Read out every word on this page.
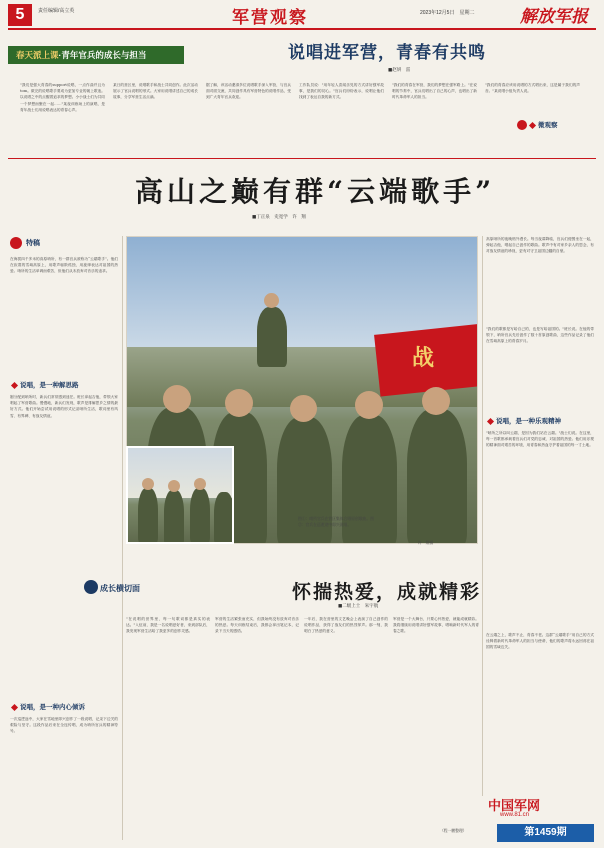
5	责任编辑/高立英	军营观察	2023年12月5日　星期二	解放军报
春天派上课·青年官兵的成长与担当	说唱进军营，青春有共鸣
■赵妍　雷
"我们是强大青春的support说唱，一点作曲并且为tom。做完的说唱歌手要成为更加专业的朝上歌迷。以说唱之中的点醒着追求的梦想。小小战士们为共同一个梦想而聚在一起……"某夜训练场上的演唱，是青年战士们用说唱表达的青春心声。
某日的营区里，说唱歌手和战士共同创作。此次活动展示了官兵说唱的形式。大家用说唱讲述自己的成长故事，分享军营生活点滴。
据了解，该活动邀请多位说唱歌手深入军营，与官兵面对面交流，共同创作具有军营特色的说唱作品，受到广大青年官兵欢迎。
工作队员说："用年轻人喜闻乐见的方式讲好强军故事，是我们的初心。"官兵们纷纷表示，说唱让他们找到了表达自我的新方式。
"我们的青春在军营，我们的梦想在强军路上。"在说唱的节奏中，官兵们唱出了自己的心声，也唱出了新时代革命军人的担当。
"我们的青春应该用说唱的方式唱出来，这是属于我们的声音。"某说唱小组负责人说。
微观察
高山之巅有群“云端歌手”
■丁正泉　史宽学　许　翔
特稿
在海拔四千多米的高原哨所，有一群官兵被称为“云端歌手”。他们在寂寞的雪域高原上，用歌声驱散孤独，用旋律表达对祖国的热爱。哨所的生活单调而艰苦，但他们从未放弃对音乐的追求。
说唱，是一种解思路
刚分配到哨所时，新兵们常常感到迷茫。班长拿起吉他，带领大家唱起了军营歌曲。慢慢地，新兵们发现，歌声是排解思乡之情的最好方式。他们开始尝试用说唱的形式记录哨所生活，歌词里有风雪、有界碑、有战友情谊。
说唱，是一种内心倾诉
一次巡逻途中，大家在雪地里即兴创作了一段说唱，记录下边关的艰险与坚守。这段作品后来在全连传唱，成为哨所官兵的精神符号。
战
图①：哨所官兵在营区集体合唱原创歌曲。图②：官兵在巡逻途中即兴说唱。
许　翔摄
高原哨所的夜晚格外漫长。每当夜幕降临，官兵们便围坐在一起，弹起吉他，唱起自己创作的歌曲。歌声中有对家乡亲人的思念，有对战友情谊的珍视，更有对守卫祖国边疆的自豪。
"我们的歌都是写给自己的，也是写给祖国的。"班长说。在他的带领下，哨所官兵先后创作了数十首原创歌曲，这些作品记录了他们在雪域高原上的青春岁月。
说唱，是一种乐观精神
"哨所之所以叫云端，是因为我们站在云端。"战士们说。在这里，每一首歌都承载着官兵们对党的忠诚、对祖国的热爱。他们用乐观的精神面对艰苦的环境，用青春和热血守护着祖国的每一寸土地。
在云端之上，歌声不止，青春不老。这群“云端歌手”用自己的方式诠释着新时代革命军人的担当与使命，他们的歌声将永远回荡在祖国的雪域边关。
成长横切面	怀揣热爱，成就精彩
■二级上士　朱宇航
"在说唱的世界里，每一句歌词都是真实的表达。"入伍前，我是一名说唱爱好者，来到部队后，我发现军营生活给了我更多的创作灵感。
军营的生活紧张而充实，但我始终没有放弃对音乐的热爱。每天训练结束后，我都会拿出笔记本，记录下当天的感悟。
一年后，我在营里的文艺晚会上表演了自己创作的说唱作品，获得了战友们的热烈掌声。那一刻，我明白了热爱的意义。
军营是一个大舞台，只要心怀热爱，就能成就精彩。我将继续用说唱讲好强军故事，唱响新时代军人的青春之歌。
（程一鹏整理）
中国军网
www.81.cn
第1459期
